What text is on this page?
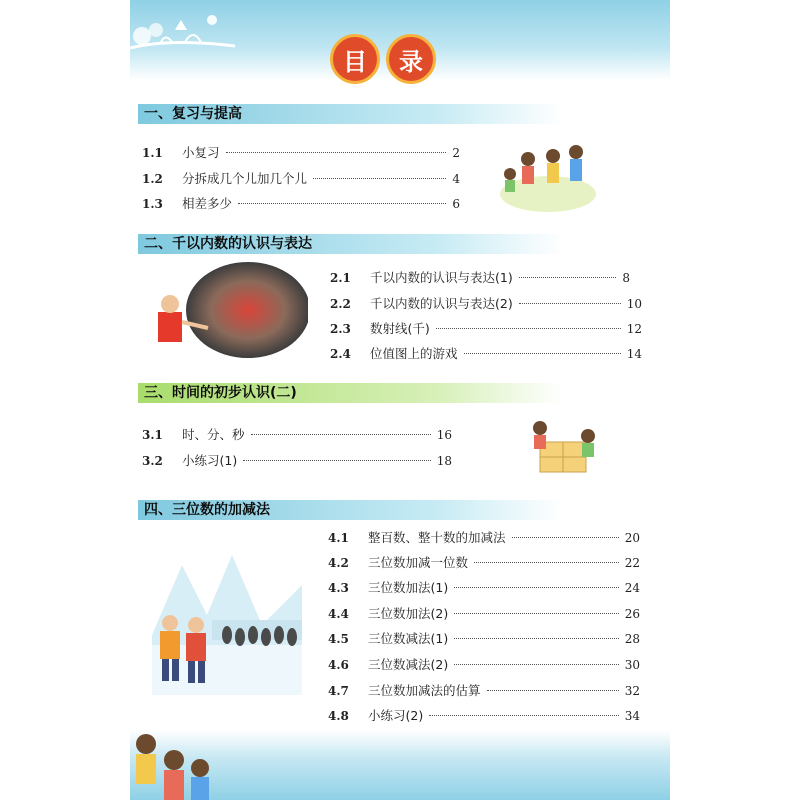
目	录
一、复习与提高
1.1	小复习	2
1.2	分拆成几个儿加几个儿	4
1.3	相差多少	6
二、千以内数的认识与表达
2.1	千以内数的认识与表达(1)	8
2.2	千以内数的认识与表达(2)	10
2.3	数射线(千)	12
2.4	位值图上的游戏	14
三、时间的初步认识(二)
3.1	时、分、秒	16
3.2	小练习(1)	18
四、三位数的加减法
4.1	整百数、整十数的加减法	20
4.2	三位数加减一位数	22
4.3	三位数加法(1)	24
4.4	三位数加法(2)	26
4.5	三位数减法(1)	28
4.6	三位数减法(2)	30
4.7	三位数加减法的估算	32
4.8	小练习(2)	34
